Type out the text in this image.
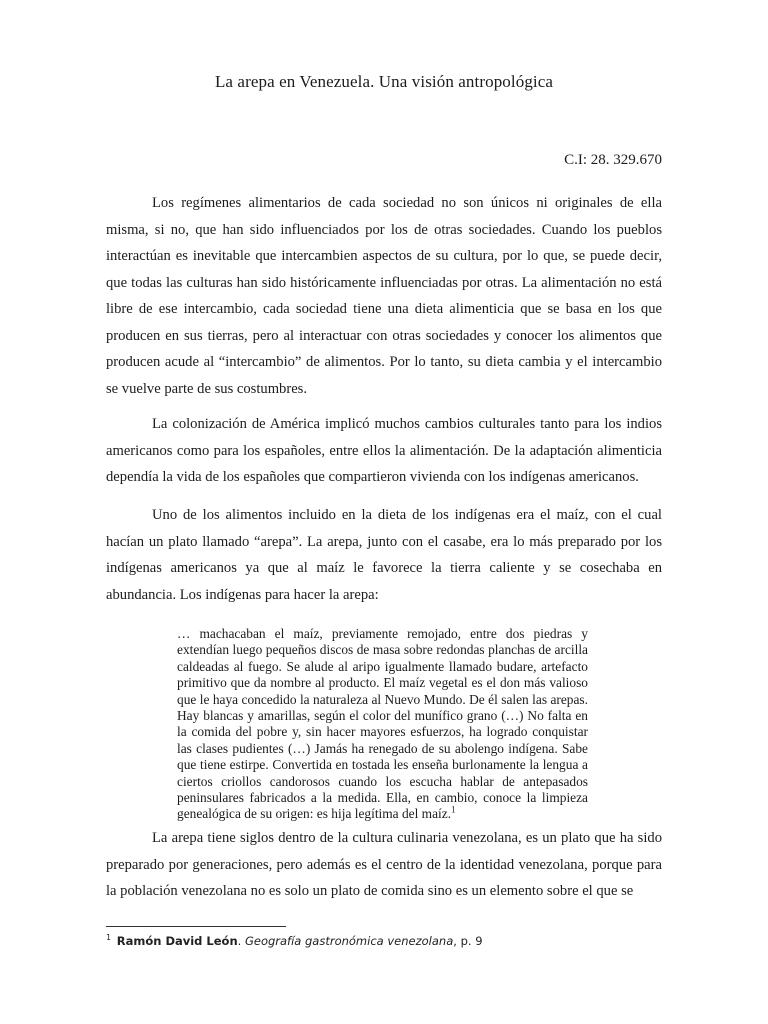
La arepa en Venezuela. Una visión antropológica
C.I: 28. 329.670

Los regímenes alimentarios de cada sociedad no son únicos ni originales de ella misma, si no, que han sido influenciados por los de otras sociedades. Cuando los pueblos interactúan es inevitable que intercambien aspectos de su cultura, por lo que, se puede decir, que todas las culturas han sido históricamente influenciadas por otras. La alimentación no está libre de ese intercambio, cada sociedad tiene una dieta alimenticia que se basa en los que producen en sus tierras, pero al interactuar con otras sociedades y conocer los alimentos que producen acude al “intercambio” de alimentos. Por lo tanto, su dieta cambia y el intercambio se vuelve parte de sus costumbres.

La colonización de América implicó muchos cambios culturales tanto para los indios americanos como para los españoles, entre ellos la alimentación. De la adaptación alimenticia dependía la vida de los españoles que compartieron vivienda con los indígenas americanos.

Uno de los alimentos incluido en la dieta de los indígenas era el maíz, con el cual hacían un plato llamado “arepa”. La arepa, junto con el casabe, era lo más preparado por los indígenas americanos ya que al maíz le favorece la tierra caliente y se cosechaba en abundancia. Los indígenas para hacer la arepa:

… machacaban el maíz, previamente remojado, entre dos piedras y extendían luego pequeños discos de masa sobre redondas planchas de arcilla caldeadas al fuego. Se alude al aripo igualmente llamado budare, artefacto primitivo que da nombre al producto. El maíz vegetal es el don más valioso que le haya concedido la naturaleza al Nuevo Mundo. De él salen las arepas. Hay blancas y amarillas, según el color del munífico grano (…) No falta en la comida del pobre y, sin hacer mayores esfuerzos, ha logrado conquistar las clases pudientes (…) Jamás ha renegado de su abolengo indígena. Sabe que tiene estirpe. Convertida en tostada les enseña burlonamente la lengua a ciertos criollos candorosos cuando los escucha hablar de antepasados peninsulares fabricados a la medida. Ella, en cambio, conoce la limpieza genealógica de su origen: es hija legítima del maíz.$^1$

La arepa tiene siglos dentro de la cultura culinaria venezolana, es un plato que ha sido preparado por generaciones, pero además es el centro de la identidad venezolana, porque para la población venezolana no es solo un plato de comida sino es un elemento sobre el que se

$^1$ Ramón David León. Geografía gastronómica venezolana, p. 9
